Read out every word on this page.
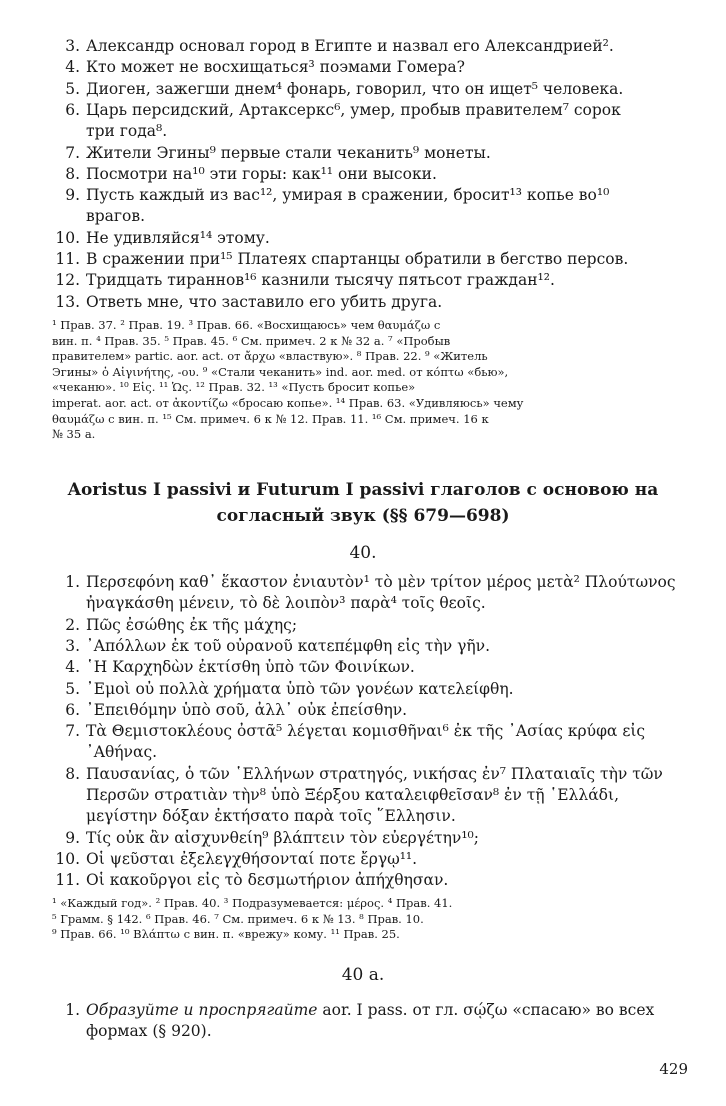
3. Александр основал город в Египте и назвал его Александрией².
4. Кто может не восхищаться³ поэмами Гомера?
5. Диоген, зажегши днем⁴ фонарь, говорил, что он ищет⁵ человека.
6. Царь персидский, Артаксеркс⁶, умер, пробыв правителем⁷ сорок
три года⁸.
7. Жители Эгины⁹ первые стали чеканить⁹ монеты.
8. Посмотри на¹⁰ эти горы: как¹¹ они высоки.
9. Пусть каждый из вас¹², умирая в сражении, бросит¹³ копье во¹⁰
врагов.
10. Не удивляйся¹⁴ этому.
11. В сражении при¹⁵ Платеях спартанцы обратили в бегство персов.
12. Тридцать тираннов¹⁶ казнили тысячу пятьсот граждан¹².
13. Ответь мне, что заставило его убить друга.
¹ Прав. 37. ² Прав. 19. ³ Прав. 66. «Восхищаюсь» чем θαυμάζω с
вин. п. ⁴ Прав. 35. ⁵ Прав. 45. ⁶ См. примеч. 2 к № 32 а. ⁷ «Пробыв
правителем» partic. aor. act. от ἄρχω «властвую». ⁸ Прав. 22. ⁹ «Житель
Эгины» ὁ Αἰγινήτης, -ου. ⁹ «Стали чеканить» ind. aor. med. от κόπτω «бью»,
«чеканю». ¹⁰ Εἰς. ¹¹ Ὡς. ¹² Прав. 32. ¹³ «Пусть бросит копье»
imperat. aor. act. от ἀκοντίζω «бросаю копье». ¹⁴ Прав. 63. «Удивляюсь» чему
θαυμάζω с вин. п. ¹⁵ См. примеч. 6 к № 12. Прав. 11. ¹⁶ См. примеч. 16 к
№ 35 а.
Aoristus I passivi и Futurum I passivi глаголов с основою на
согласный звук (§§ 679—698)
40.
1. Περσεφόνη καθ᾽ ἕκαστον ἐνιαυτὸν¹ τὸ μὲν τρίτον μέρος μετὰ² Πλούτωνος
ἠναγκάσθη μένειν, τὸ δὲ λοιπὸν³ παρὰ⁴ τοῖς θεοῖς.
2. Πῶς ἐσώθης ἐκ τῆς μάχης;
3. ᾽Απόλλων ἐκ τοῦ οὐρανοῦ κατεπέμφθη εἰς τὴν γῆν.
4. ῾Η Καρχηδὼν ἐκτίσθη ὑπὸ τῶν Φοινίκων.
5. ᾽Εμοὶ οὐ πολλὰ χρήματα ὑπὸ τῶν γονέων κατελείφθη.
6. ᾽Επειθόμην ὑπὸ σοῦ, ἀλλ᾽ οὐκ ἐπείσθην.
7. Τὰ Θεμιστοκλέους ὀστᾶ⁵ λέγεται κομισθῆναι⁶ ἐκ τῆς ᾽Ασίας κρύφα εἰς
᾽Αθήνας.
8. Παυσανίας, ὁ τῶν ῾Ελλήνων στρατηγός, νικήσας ἐν⁷ Πλαταιαῖς τὴν τῶν
Περσῶν στρατιὰν τὴν⁸ ὑπὸ Ξέρξου καταλειφθεῖσαν⁸ ἐν τῇ ῾Ελλάδι,
μεγίστην δόξαν ἐκτήσατο παρὰ τοῖς ῞Ελλησιν.
9. Τίς οὐκ ἂν αἰσχυνθείη⁹ βλάπτειν τὸν εὐεργέτην¹⁰;
10. Οἱ ψεῦσται ἐξελεγχθήσονταί ποτε ἔργῳ¹¹.
11. Οἱ κακοῦργοι εἰς τὸ δεσμωτήριον ἀπήχθησαν.
¹ «Каждый год». ² Прав. 40. ³ Подразумевается: μέρος. ⁴ Прав. 41.
⁵ Грамм. § 142. ⁶ Прав. 46. ⁷ См. примеч. 6 к № 13. ⁸ Прав. 10.
⁹ Прав. 66. ¹⁰ Βλάπτω с вин. п. «врежу» кому. ¹¹ Прав. 25.
40 а.
1. Образуйте и проспрягайте aor. I pass. от гл. σῴζω «спасаю» во всех
формах (§ 920).
429
